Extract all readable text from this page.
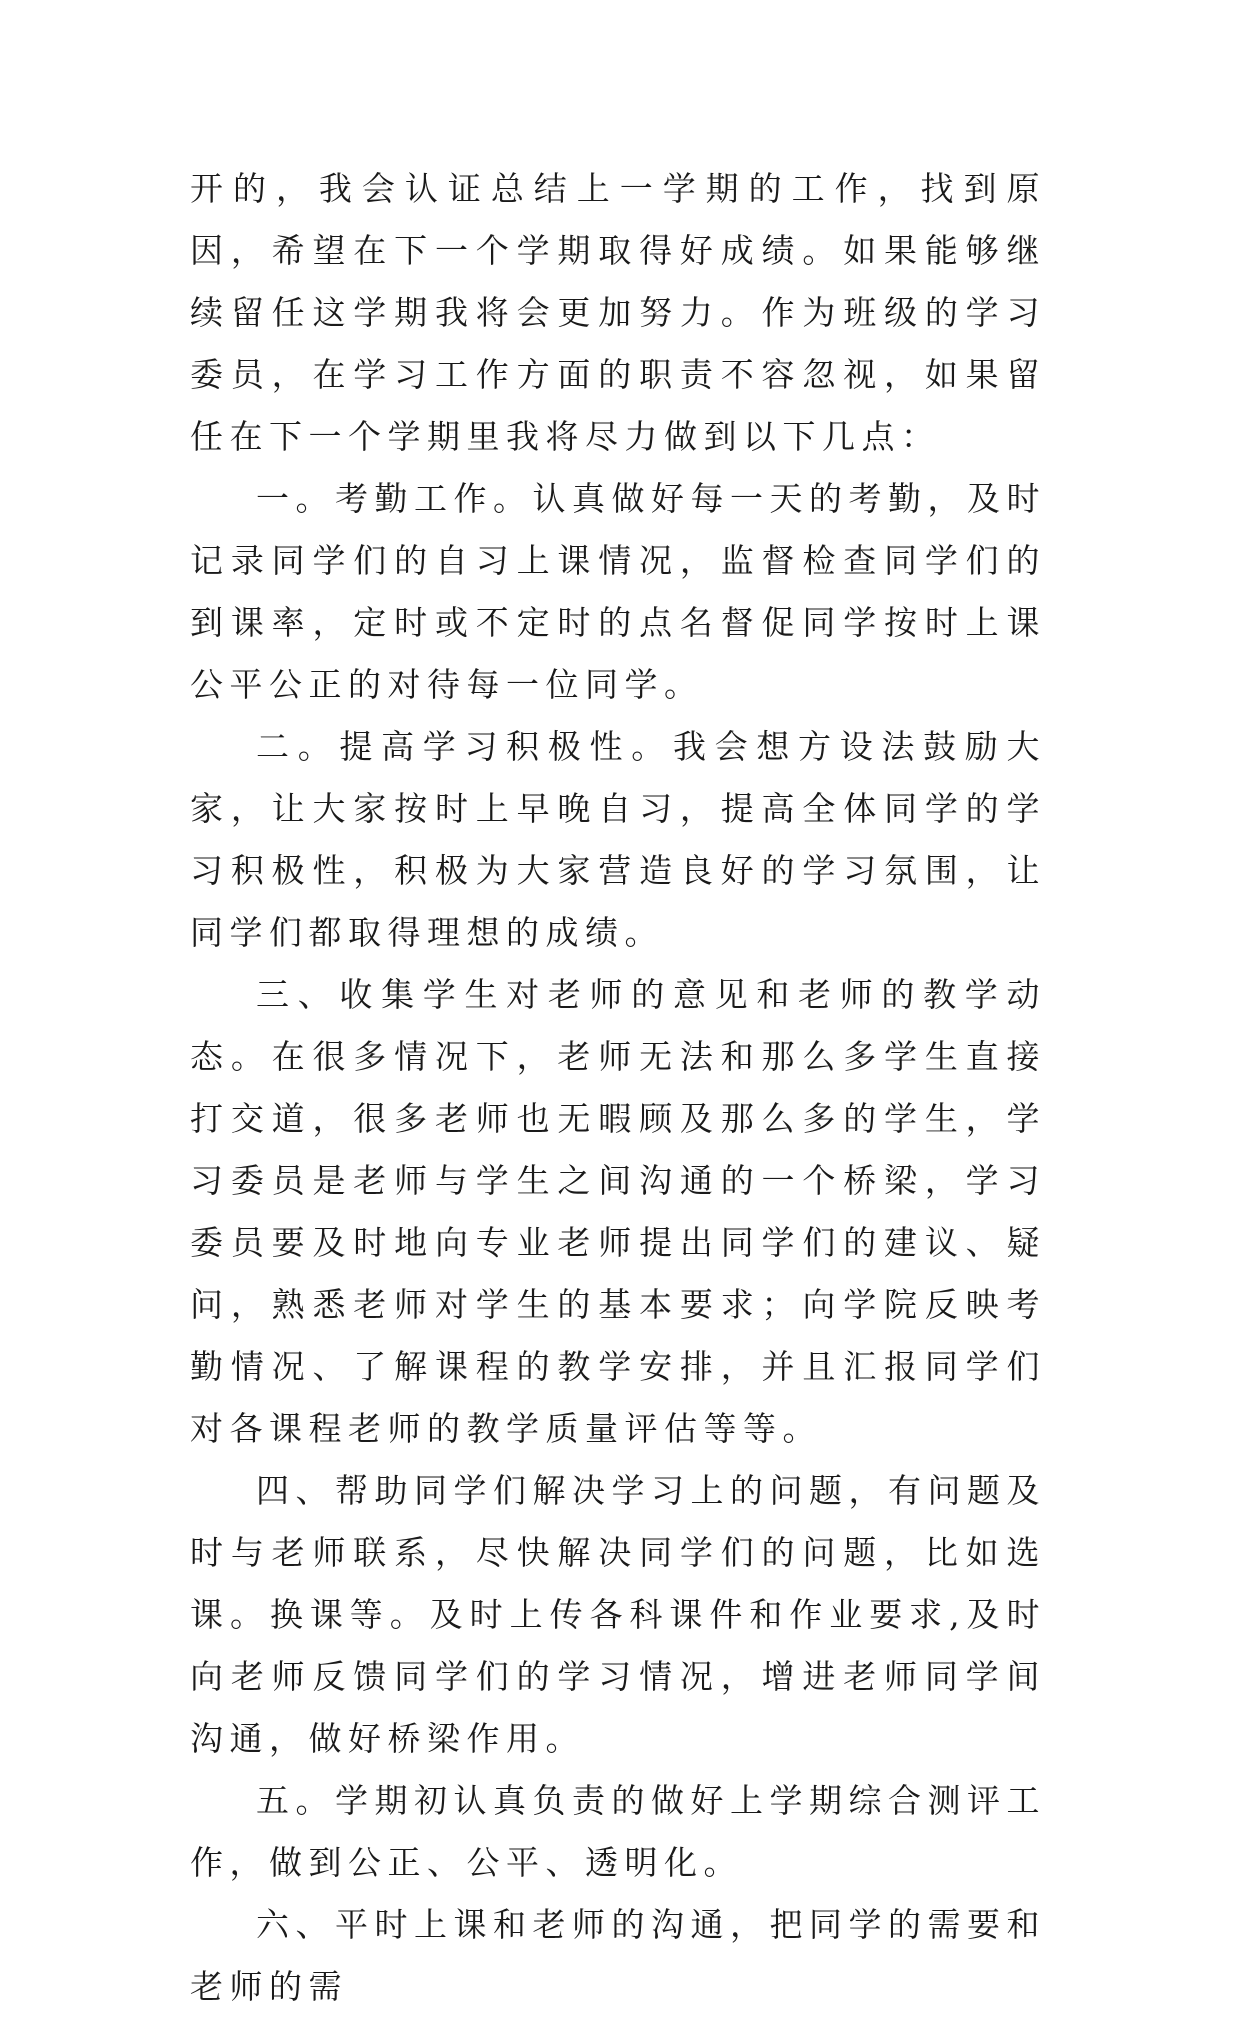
开的，我会认证总结上一学期的工作，找到原因，希望在下一个学期取得好成绩。如果能够继续留任这学期我将会更加努力。作为班级的学习委员，在学习工作方面的职责不容忽视，如果留任在下一个学期里我将尽力做到以下几点：

一。考勤工作。认真做好每一天的考勤，及时记录同学们的自习上课情况，监督检查同学们的到课率，定时或不定时的点名督促同学按时上课公平公正的对待每一位同学。

二。提高学习积极性。我会想方设法鼓励大家，让大家按时上早晚自习，提高全体同学的学习积极性，积极为大家营造良好的学习氛围，让同学们都取得理想的成绩。

三、收集学生对老师的意见和老师的教学动态。在很多情况下，老师无法和那么多学生直接打交道，很多老师也无暇顾及那么多的学生，学习委员是老师与学生之间沟通的一个桥梁，学习委员要及时地向专业老师提出同学们的建议、疑问，熟悉老师对学生的基本要求；向学院反映考勤情况、了解课程的教学安排，并且汇报同学们对各课程老师的教学质量评估等等。

四、帮助同学们解决学习上的问题，有问题及时与老师联系，尽快解决同学们的问题，比如选课。换课等。及时上传各科课件和作业要求,及时向老师反馈同学们的学习情况，增进老师同学间沟通，做好桥梁作用。

五。学期初认真负责的做好上学期综合测评工作，做到公正、公平、透明化。

六、平时上课和老师的沟通，把同学的需要和老师的需
